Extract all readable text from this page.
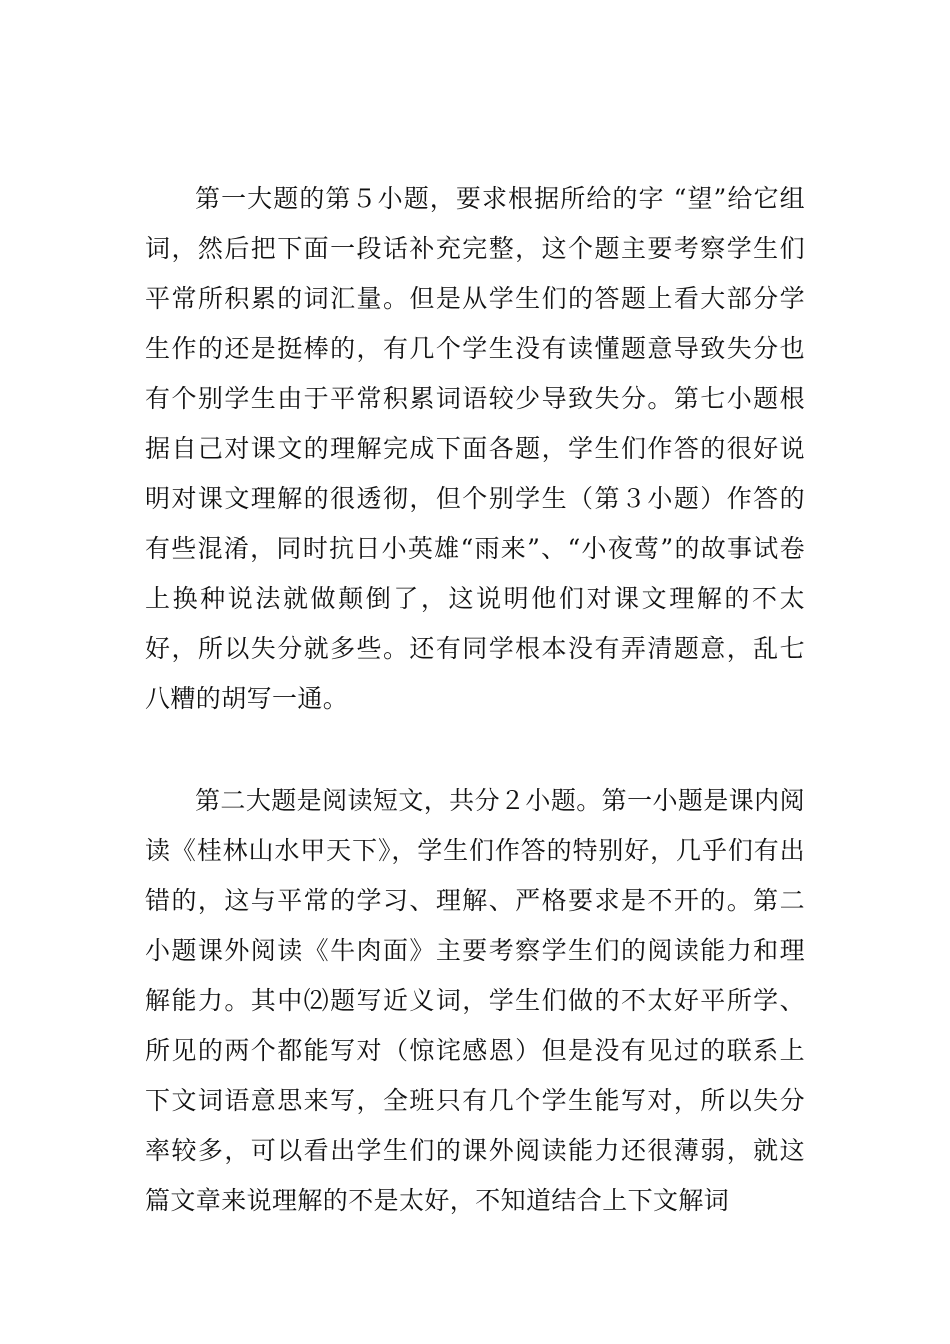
第一大题的第５小题，要求根据所给的字 “望”给它组词，然后把下面一段话补充完整，这个题主要考察学生们平常所积累的词汇量。但是从学生们的答题上看大部分学生作的还是挺棒的，有几个学生没有读懂题意导致失分也有个别学生由于平常积累词语较少导致失分。第七小题根据自己对课文的理解完成下面各题，学生们作答的很好说明对课文理解的很透彻，但个别学生（第３小题）作答的有些混淆，同时抗日小英雄“雨来”、“小夜莺”的故事试卷上换种说法就做颠倒了，这说明他们对课文理解的不太好，所以失分就多些。还有同学根本没有弄清题意，乱七八糟的胡写一通。

第二大题是阅读短文，共分２小题。第一小题是课内阅读《桂林山水甲天下》，学生们作答的特别好，几乎们有出错的，这与平常的学习、理解、严格要求是不开的。第二小题课外阅读《牛肉面》主要考察学生们的阅读能力和理解能力。其中⑵题写近义词，学生们做的不太好平所学、所见的两个都能写对（惊诧感恩）但是没有见过的联系上下文词语意思来写，全班只有几个学生能写对，所以失分率较多，可以看出学生们的课外阅读能力还很薄弱，就这篇文章来说理解的不是太好，不知道结合上下文解词
